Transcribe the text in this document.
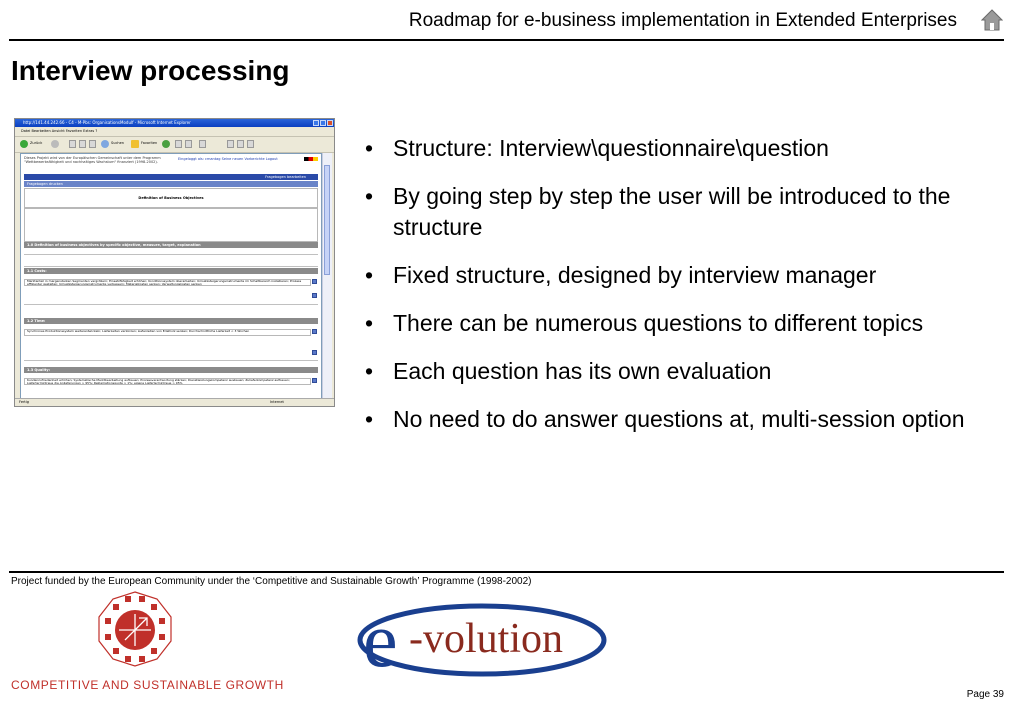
Roadmap for e-business implementation in Extended Enterprises
Interview processing
http://141.44.242.66 - C4 - M-Pbs: OrganisationsModulf - Microsoft Internet Explorer
Datei Bearbeiten Ansicht Favoriten Extras ?
Zurück	Suchen	Favoriten
Dieses Projekt wird von der Europäischen Gemeinschaft unter dem Programm "Wettbewerbsfähigkeit und nachhaltiges Wachstum" finanziert (1998-2002).
Eingeloggt als: cmantag Seine neuen Vorberichte Logout
Fragebogen bearbeiten
Fragebogen drucken
Definition of Business Objectives
1.0 Definition of business objectives by specific objective, measure, target, explanation
1.1 Costs:
Marktanteil in margenstarken Segmenten vergrößern; Einsatzfähigkeit erhöhen; Konditionssystem überarbeiten; Umsatzsteigerungsinstrumente im Schaltbereich installieren; Prozess effizienter gestalten; Umsatzsteigerungsinstrumente verbessern; Materialkosten senken; Verwaltungskosten senken
1.2 Time:
Synchrones Produktionssystem weiterentwickeln; Lieferzeiten verkürzen; Lieferzeiten von Edelholz senken; Durchschnittliche Lieferzeit < 3 Wochen
1.3 Quality:
Kundenzufriedenheit erhöhen; Systematische Marktbearbeitung aufbauen; Prozessverantwortung stärken; Dienstleistungskompetenz ausbauen; Zulieferkompetenz aufbauen; Liefertermintreue die Anlieferungen > 95%; Reklamationsquote > 1%; eigene Liefertermintreue > 95%
Fertig	Internet
• Structure: Interview\questionnaire\question
• By going step by step the user will be introduced to the structure
• Fixed structure, designed by interview manager
• There can be numerous questions to different topics
• Each question has its own evaluation
• No need to do answer questions at, multi-session option
Project funded by the European Community under the ‘Competitive and Sustainable Growth’ Programme (1998-2002)
COMPETITIVE AND SUSTAINABLE GROWTH
e -volution
Page 39
